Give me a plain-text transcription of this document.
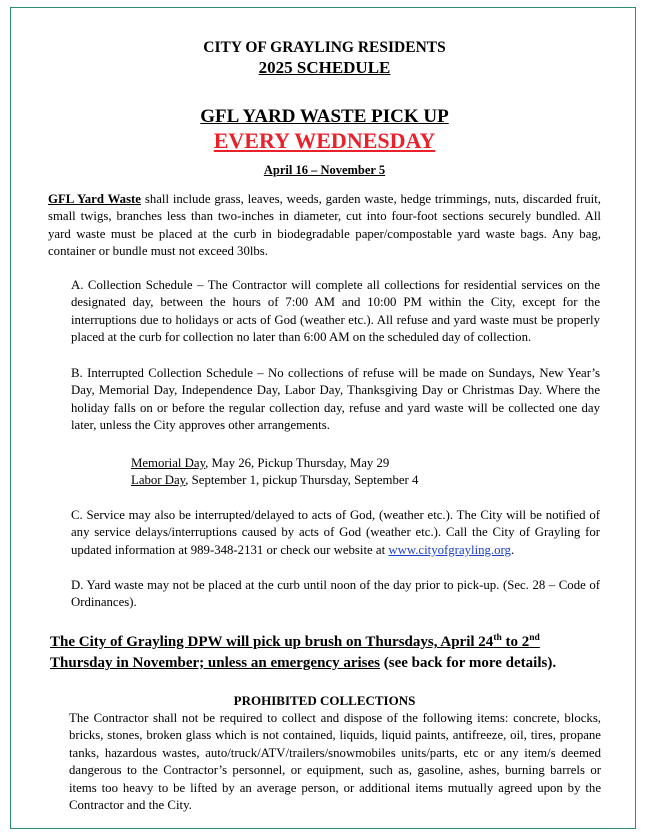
CITY OF GRAYLING RESIDENTS
2025 SCHEDULE
GFL YARD WASTE PICK UP
EVERY WEDNESDAY
April 16 – November 5
GFL Yard Waste shall include grass, leaves, weeds, garden waste, hedge trimmings, nuts, discarded fruit, small twigs, branches less than two-inches in diameter, cut into four-foot sections securely bundled. All yard waste must be placed at the curb in biodegradable paper/compostable yard waste bags. Any bag, container or bundle must not exceed 30lbs.
A. Collection Schedule – The Contractor will complete all collections for residential services on the designated day, between the hours of 7:00 AM and 10:00 PM within the City, except for the interruptions due to holidays or acts of God (weather etc.). All refuse and yard waste must be properly placed at the curb for collection no later than 6:00 AM on the scheduled day of collection.
B. Interrupted Collection Schedule – No collections of refuse will be made on Sundays, New Year’s Day, Memorial Day, Independence Day, Labor Day, Thanksgiving Day or Christmas Day. Where the holiday falls on or before the regular collection day, refuse and yard waste will be collected one day later, unless the City approves other arrangements.
Memorial Day, May 26, Pickup Thursday, May 29
Labor Day, September 1, pickup Thursday, September 4
C. Service may also be interrupted/delayed to acts of God, (weather etc.). The City will be notified of any service delays/interruptions caused by acts of God (weather etc.). Call the City of Grayling for updated information at 989-348-2131 or check our website at www.cityofgrayling.org.
D. Yard waste may not be placed at the curb until noon of the day prior to pick-up. (Sec. 28 – Code of Ordinances).
The City of Grayling DPW will pick up brush on Thursdays, April 24th to 2nd
Thursday in November; unless an emergency arises (see back for more details).
PROHIBITED COLLECTIONS
The Contractor shall not be required to collect and dispose of the following items: concrete, blocks, bricks, stones, broken glass which is not contained, liquids, liquid paints, antifreeze, oil, tires, propane tanks, hazardous wastes, auto/truck/ATV/trailers/snowmobiles units/parts, etc or any item/s deemed dangerous to the Contractor’s personnel, or equipment, such as, gasoline, ashes, burning barrels or items too heavy to be lifted by an average person, or additional items mutually agreed upon by the Contractor and the City.
